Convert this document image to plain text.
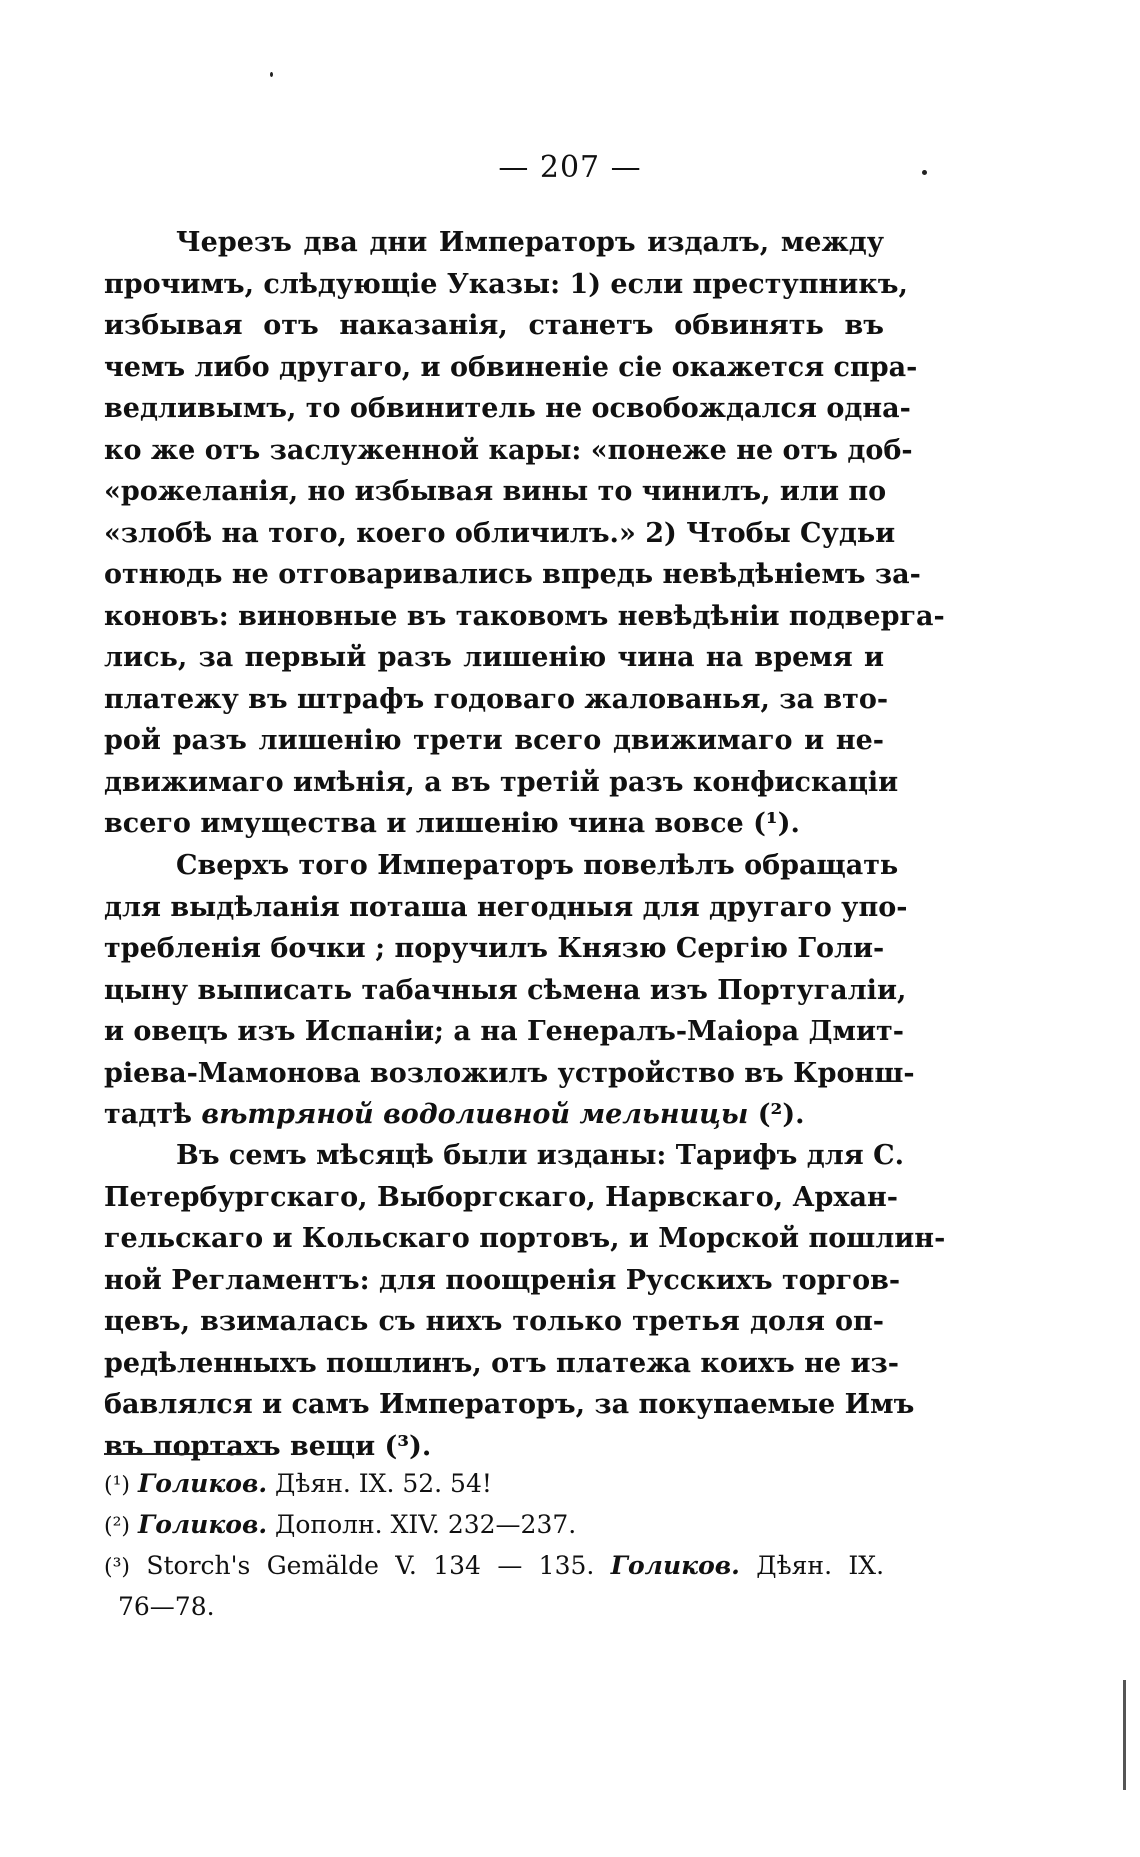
— 207 —
Черезъ два дни Императоръ издалъ, между
прочимъ, слѣдующіе Указы: 1) если преступникъ,
избывая отъ наказанія, станетъ обвинять въ
чемъ либо другаго, и обвиненіе сіе окажется спра-
ведливымъ, то обвинитель не освобождался одна-
ко же отъ заслуженной кары: «понеже не отъ доб-
«рожеланія, но избывая вины то чинилъ, или по
«злобѣ на того, коего обличилъ.» 2) Чтобы Судьи
отнюдь не отговаривались впредь невѣдѣніемъ за-
коновъ: виновные въ таковомъ невѣдѣніи подверга-
лись, за первый разъ лишенію чина на время и
платежу въ штрафъ годоваго жалованья, за вто-
рой разъ лишенію трети всего движимаго и не-
движимаго имѣнія, а въ третій разъ конфискаціи
всего имущества и лишенію чина вовсе (¹).
Сверхъ того Императоръ повелѣлъ обращать
для выдѣланія поташа негодныя для другаго упо-
требленія бочки ; поручилъ Князю Сергію Голи-
цыну выписать табачныя сѣмена изъ Португаліи,
и овецъ изъ Испаніи; а на Генералъ-Маіора Дмит-
ріева-Мамонова возложилъ устройство въ Кронш-
тадтѣ вѣтряной водоливной мельницы (²).
Въ семъ мѣсяцѣ были изданы: Тарифъ для С.
Петербургскаго, Выборгскаго, Нарвскаго, Архан-
гельскаго и Кольскаго портовъ, и Морской пошлин-
ной Регламентъ: для поощренія Русскихъ торгов-
цевъ, взималась съ нихъ только третья доля оп-
редѣленныхъ пошлинъ, отъ платежа коихъ не из-
бавлялся и самъ Императоръ, за покупаемые Имъ
въ портахъ вещи (³).
(¹) Голиков. Дѣян. IX. 52. 54!
(²) Голиков. Дополн. XIV. 232—237.
(³) Storch's Gemälde V. 134 — 135. Голиков. Дѣян. IX.
76—78.
